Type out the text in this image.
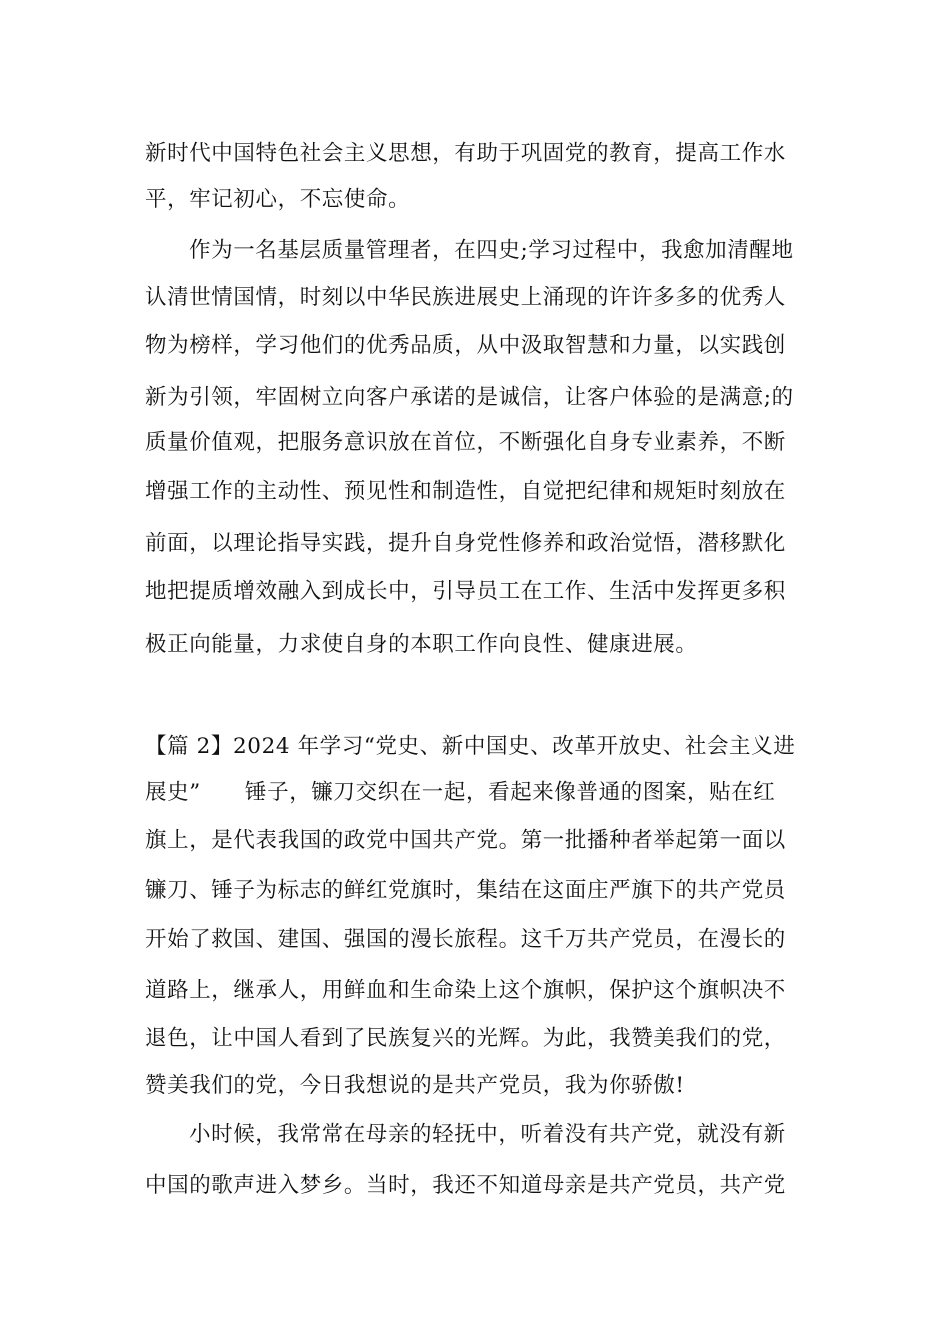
新时代中国特色社会主义思想，有助于巩固党的教育，提高工作水
平，牢记初心，不忘使命。
作为一名基层质量管理者，在四史;学习过程中，我愈加清醒地
认清世情国情，时刻以中华民族进展史上涌现的许许多多的优秀人
物为榜样，学习他们的优秀品质，从中汲取智慧和力量，以实践创
新为引领，牢固树立向客户承诺的是诚信，让客户体验的是满意;的
质量价值观，把服务意识放在首位，不断强化自身专业素养，不断
增强工作的主动性、预见性和制造性，自觉把纪律和规矩时刻放在
前面，以理论指导实践，提升自身党性修养和政治觉悟，潜移默化
地把提质增效融入到成长中，引导员工在工作、生活中发挥更多积
极正向能量，力求使自身的本职工作向良性、健康进展。
【篇 2】2024 年学习“党史、新中国史、改革开放史、社会主义进
展史”　　锤子，镰刀交织在一起，看起来像普通的图案，贴在红
旗上，是代表我国的政党中国共产党。第一批播种者举起第一面以
镰刀、锤子为标志的鲜红党旗时，集结在这面庄严旗下的共产党员
开始了救国、建国、强国的漫长旅程。这千万共产党员，在漫长的
道路上，继承人，用鲜血和生命染上这个旗帜，保护这个旗帜决不
退色，让中国人看到了民族复兴的光辉。为此，我赞美我们的党，
赞美我们的党，今日我想说的是共产党员，我为你骄傲!
小时候，我常常在母亲的轻抚中，听着没有共产党，就没有新
中国的歌声进入梦乡。当时，我还不知道母亲是共产党员，共产党
